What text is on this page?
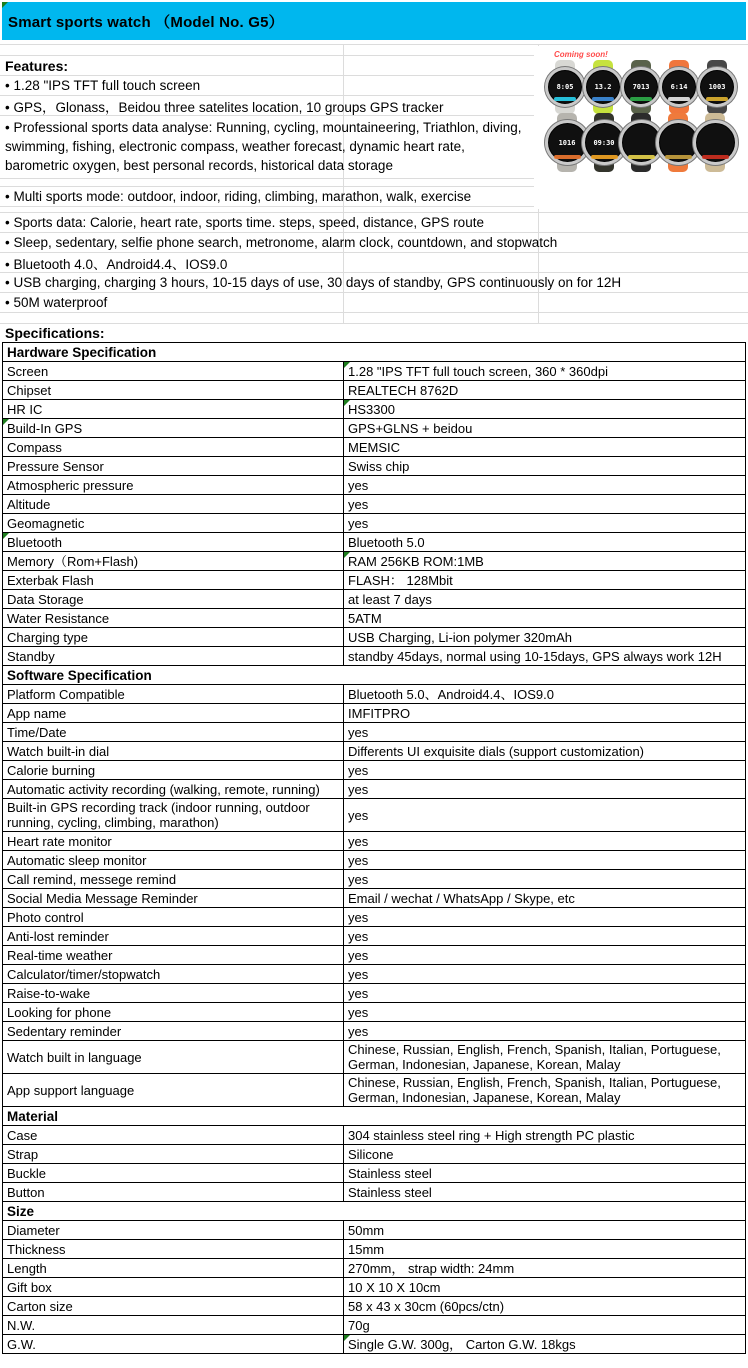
Smart sports watch （Model No. G5）
Features:
• 1.28 "IPS TFT full touch screen
• GPS，Glonass，Beidou three satelites location, 10 groups GPS tracker
• Professional sports data analyse: Running, cycling, mountaineering, Triathlon, diving, swimming, fishing, electronic compass, weather forecast, dynamic heart rate, barometric oxygen, best personal records, historical data storage
• Multi sports mode: outdoor, indoor, riding, climbing, marathon, walk, exercise
• Sports data: Calorie, heart rate, sports time. steps, speed, distance, GPS route
• Sleep, sedentary, selfie phone search, metronome, alarm clock, countdown, and stopwatch
• Bluetooth 4.0、Android4.4、IOS9.0
• USB charging, charging 3 hours, 10-15 days of use, 30 days of standby, GPS continuously on for 12H
• 50M waterproof
Coming soon!
8:05	13.2	7013	6:14	1003
1016	09:30
Specifications:
Hardware Specification	
Screen	1.28 "IPS TFT full touch screen, 360 * 360dpi

Chipset	REALTECH 8762D
HR IC	HS3300

Build-In GPS	GPS+GLNS + beidou
Compass	MEMSIC
Pressure Sensor	Swiss chip
Atmospheric pressure	yes
Altitude	yes
Geomagnetic	yes
Bluetooth	Bluetooth 5.0
Memory（Rom+Flash)	RAM 256KB ROM:1MB

Exterbak Flash	FLASH： 128Mbit
Data Storage	at least 7 days
Water Resistance	5ATM
Charging type	USB Charging, Li-ion polymer 320mAh
Standby	standby 45days, normal using 10-15days, GPS always work 12H
Software Specification	
Platform Compatible	Bluetooth 5.0、Android4.4、IOS9.0
App name	IMFITPRO
Time/Date	yes
Watch built-in dial	Differents UI exquisite dials (support customization)
Calorie burning	yes
Automatic activity recording (walking, remote, running)	yes
Built-in GPS recording track (indoor running, outdoor running, cycling, climbing, marathon)	yes
Heart rate monitor	yes
Automatic sleep monitor	yes
Call remind, messege remind	yes
Social Media Message Reminder	Email / wechat / WhatsApp / Skype, etc
Photo control	yes
Anti-lost reminder	yes
Real-time weather	yes
Calculator/timer/stopwatch	yes
Raise-to-wake	yes
Looking for phone	yes
Sedentary reminder	yes
Watch built in language	Chinese, Russian, English, French, Spanish, Italian, Portuguese, German, Indonesian, Japanese, Korean, Malay
App support language	Chinese, Russian, English, French, Spanish, Italian, Portuguese, German, Indonesian, Japanese, Korean, Malay
Material	
Case	304 stainless steel ring + High strength PC plastic
Strap	Silicone
Buckle	Stainless steel
Button	Stainless steel
Size	
Diameter	50mm
Thickness	15mm
Length	270mm， strap width: 24mm
Gift box	10 X 10 X 10cm
Carton size	58 x 43 x 30cm (60pcs/ctn)
N.W.	70g
G.W.	Single G.W. 300g， Carton G.W. 18kgs
